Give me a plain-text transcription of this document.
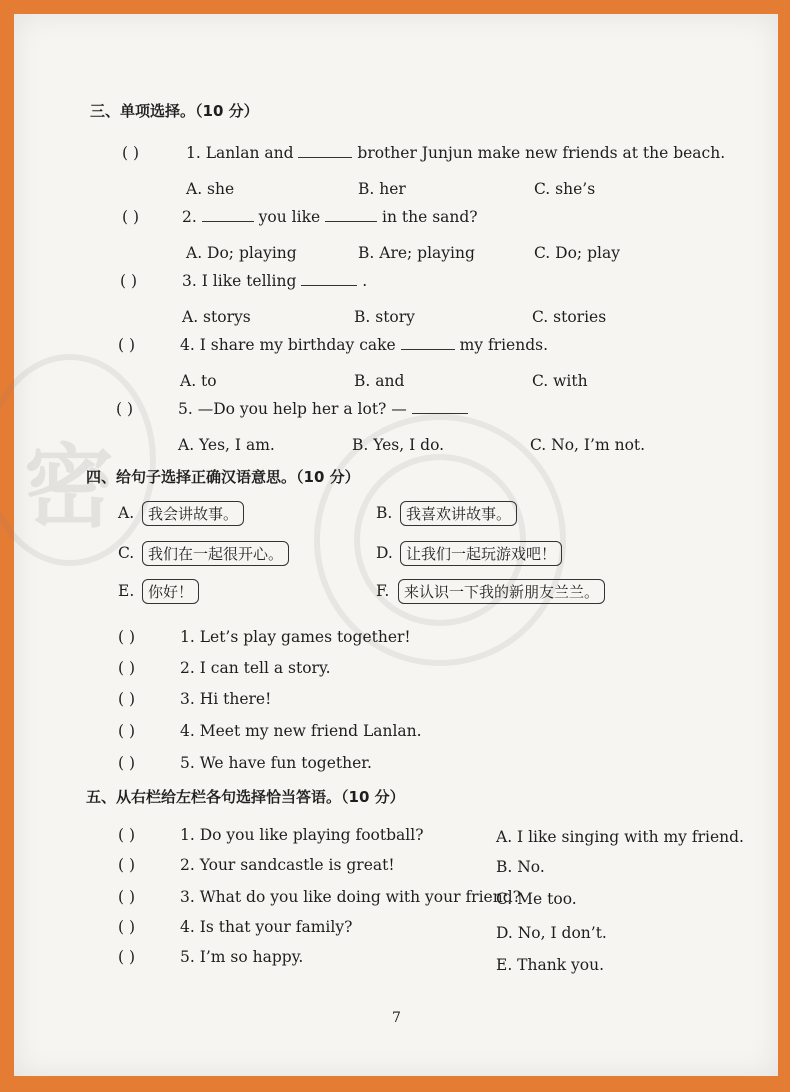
密
三、单项选择。（10 分）
( )	1. Lanlan and	brother Junjun make new friends at the beach.
A. she	B. her	C. she’s
( )	2.	you like	in the sand?
A. Do; playing	B. Are; playing	C. Do; play
( )	3. I like telling	.
A. storys	B. story	C. stories
( )	4. I share my birthday cake	my friends.
A. to	B. and	C. with
( )	5. —Do you help her a lot? —
A. Yes, I am.	B. Yes, I do.	C. No, I’m not.
四、给句子选择正确汉语意思。（10 分）
A. 我会讲故事。	B. 我喜欢讲故事。
C. 我们在一起很开心。	D. 让我们一起玩游戏吧！
E. 你好！	F. 来认识一下我的新朋友兰兰。
( )	1. Let’s play games together!
( )	2. I can tell a story.
( )	3. Hi there!
( )	4. Meet my new friend Lanlan.
( )	5. We have fun together.
五、从右栏给左栏各句选择恰当答语。（10 分）
( )	1. Do you like playing football?
( )	2. Your sandcastle is great!
( )	3. What do you like doing with your friend?
( )	4. Is that your family?
( )	5. I’m so happy.
A. I like singing with my friend.
B. No.
C. Me too.
D. No, I don’t.
E. Thank you.
7
